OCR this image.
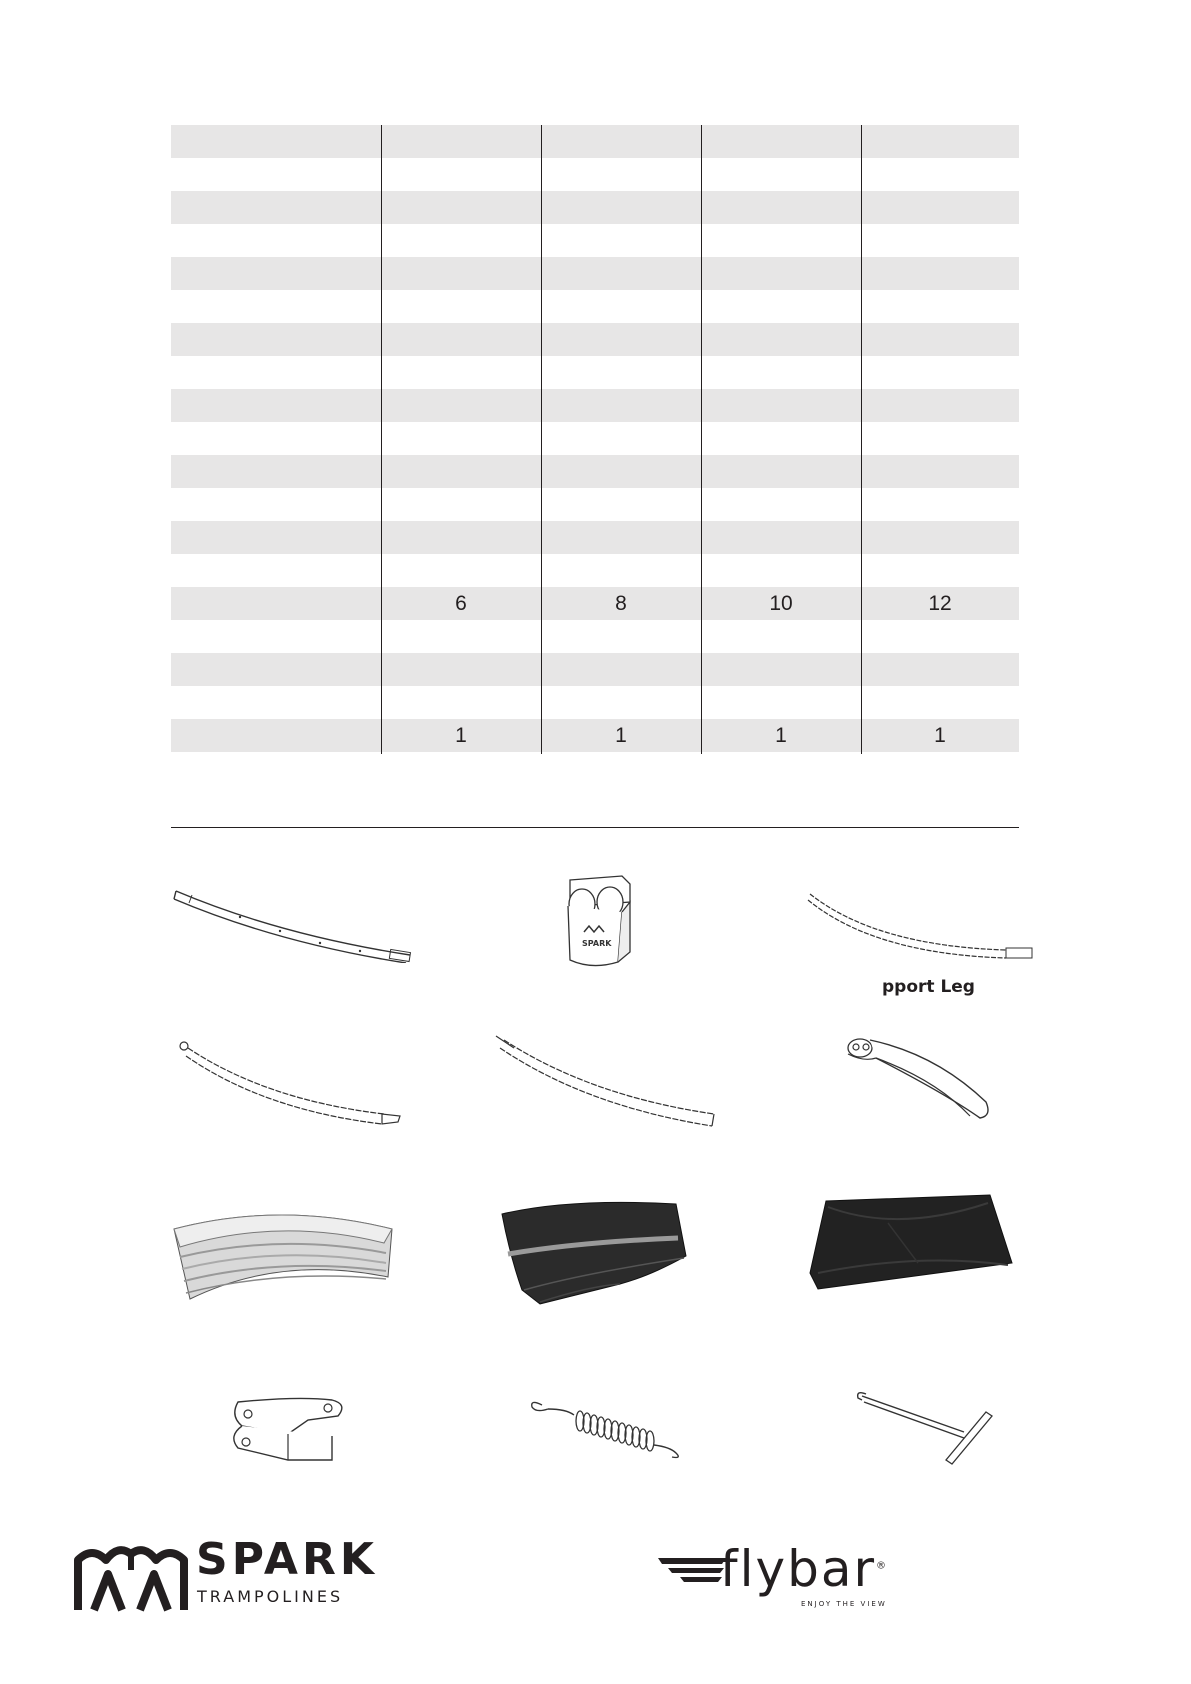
6	8	10	12
1	1	1	1
SPARK
pport Leg
SPARK
TRAMPOLINES	flybar®
ENJOY THE VIEW
